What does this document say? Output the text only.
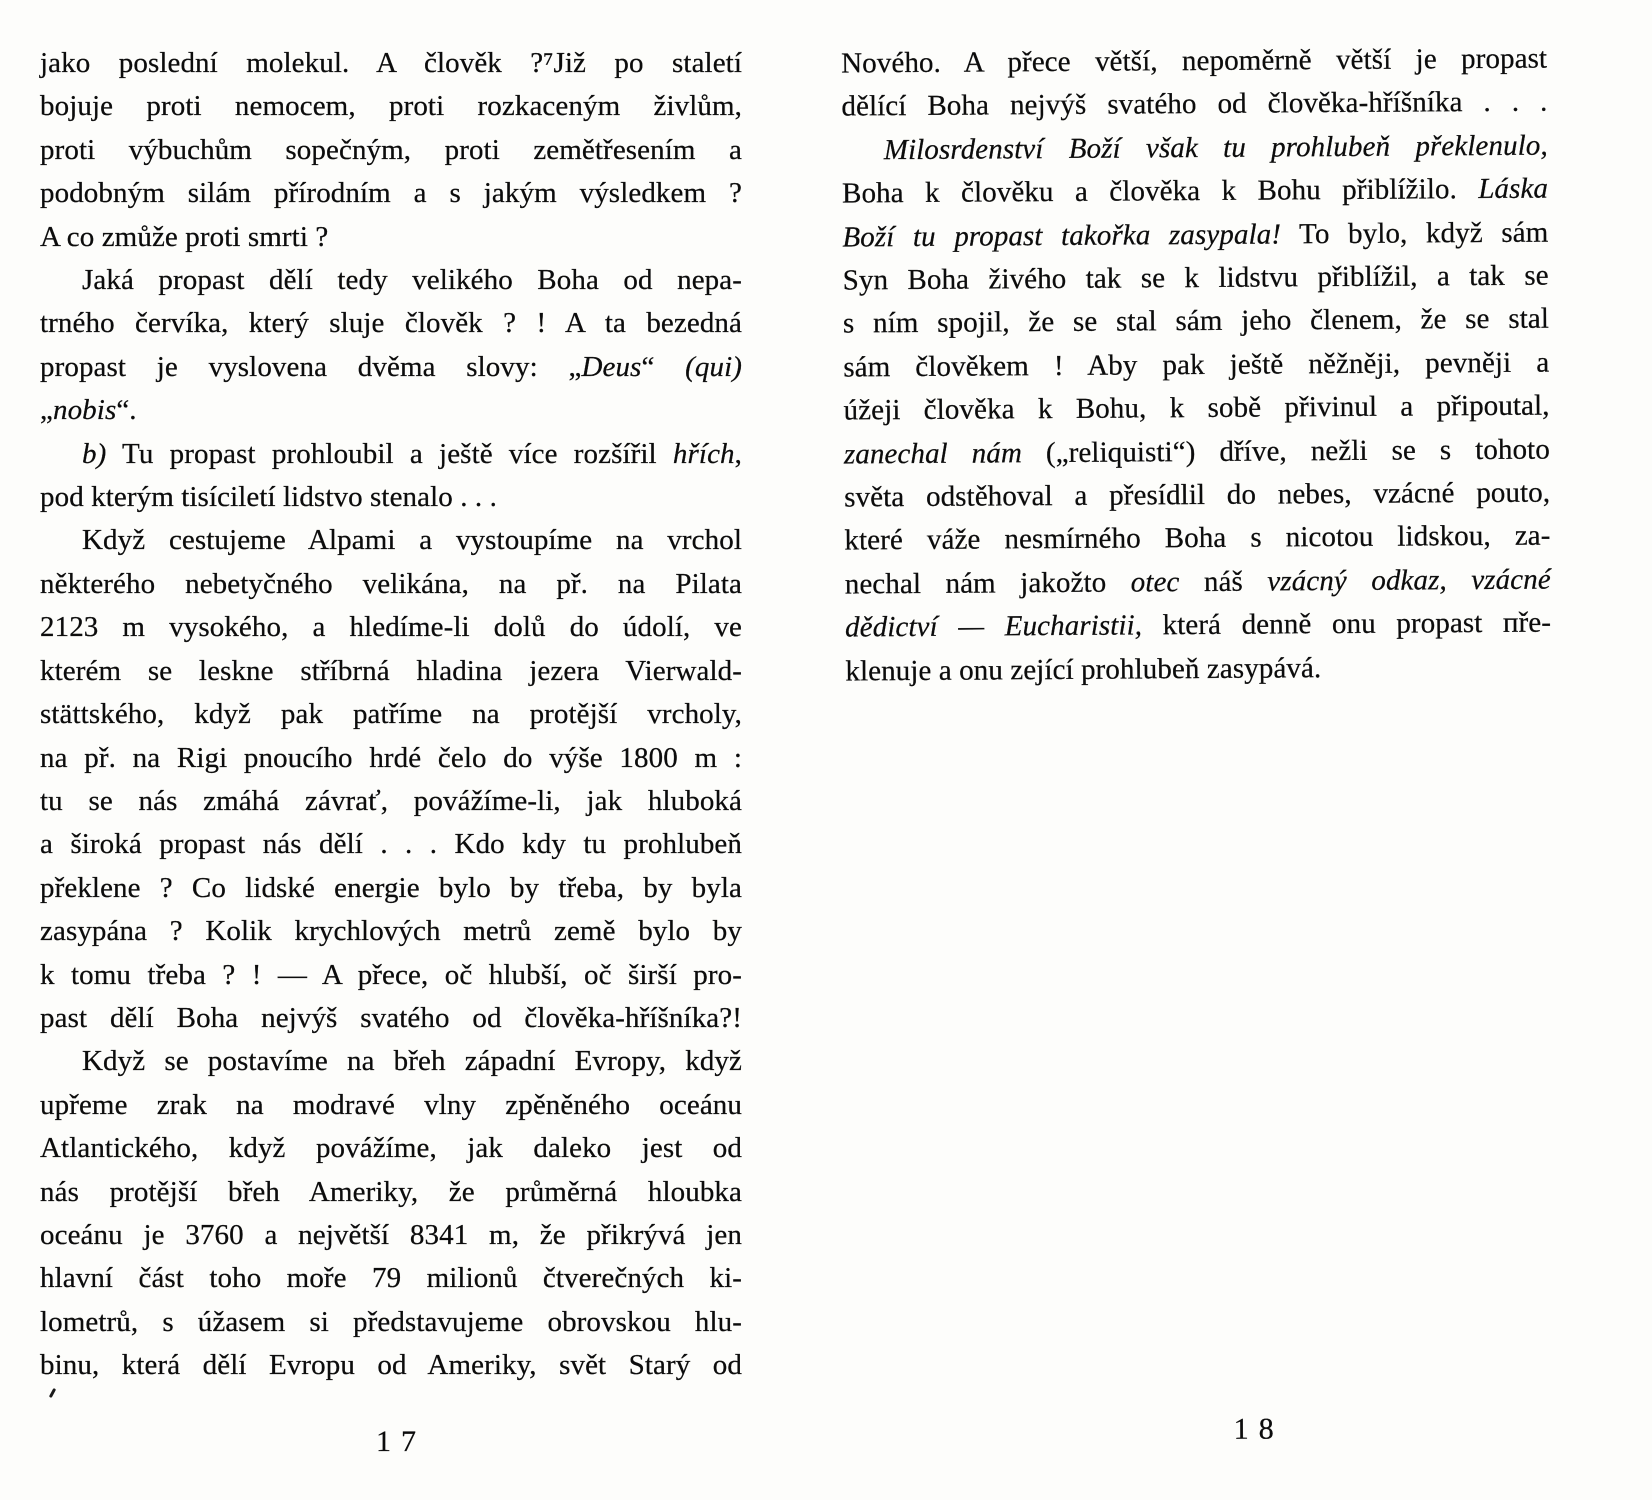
jako poslední molekul. A člověk ?⁷Již po staletí
bojuje proti nemocem, proti rozkaceným živlům,
proti výbuchům sopečným, proti zemětřesením a
podobným silám přírodním a s jakým výsledkem ?
A co zmůže proti smrti ?
Jaká propast dělí tedy velikého Boha od nepa-
trného červíka, který sluje člověk ? ! A ta bezedná
propast je vyslovena dvěma slovy: „Deus“ (qui)
„nobis“.
b) Tu propast prohloubil a ještě více rozšířil hřích,
pod kterým tisíciletí lidstvo stenalo . . .
Když cestujeme Alpami a vystoupíme na vrchol
některého nebetyčného velikána, na př. na Pilata
2123 m vysokého, a hledíme-li dolů do údolí, ve
kterém se leskne stříbrná hladina jezera Vierwald-
stättského, když pak patříme na protější vrcholy,
na př. na Rigi pnoucího hrdé čelo do výše 1800 m :
tu se nás zmáhá závrať, povážíme-li, jak hluboká
a široká propast nás dělí . . . Kdo kdy tu prohlubeň
překlene ? Co lidské energie bylo by třeba, by byla
zasypána ? Kolik krychlových metrů země bylo by
k tomu třeba ? ! — A přece, oč hlubší, oč širší pro-
past dělí Boha nejvýš svatého od člověka-hříšníka?!
Když se postavíme na břeh západní Evropy, když
upřeme zrak na modravé vlny zpěněného oceánu
Atlantického, když povážíme, jak daleko jest od
nás protější břeh Ameriky, že průměrná hloubka
oceánu je 3760 a největší 8341 m, že přikrývá jen
hlavní část toho moře 79 milionů čtverečných ki-
lometrů, s úžasem si představujeme obrovskou hlu-
binu, která dělí Evropu od Ameriky, svět Starý od
17
Nového. A přece větší, nepoměrně větší je propast
dělící Boha nejvýš svatého od člověka-hříšníka . . .
Milosrdenství Boží však tu prohlubeň překlenulo,
Boha k člověku a člověka k Bohu přiblížilo. Láska
Boží tu propast takořka zasypala! To bylo, když sám
Syn Boha živého tak se k lidstvu přiblížil, a tak se
s ním spojil, že se stal sám jeho členem, že se stal
sám člověkem ! Aby pak ještě něžněji, pevněji a
úžeji člověka k Bohu, k sobě přivinul a připoutal,
zanechal nám („reliquisti“) dříve, nežli se s tohoto
světa odstěhoval a přesídlil do nebes, vzácné pouto,
které váže nesmírného Boha s nicotou lidskou, za-
nechal nám jakožto otec náš vzácný odkaz, vzácné
dědictví — Eucharistii, která denně onu propast пře-
klenuje a onu zející prohlubeň zasypává.
18
